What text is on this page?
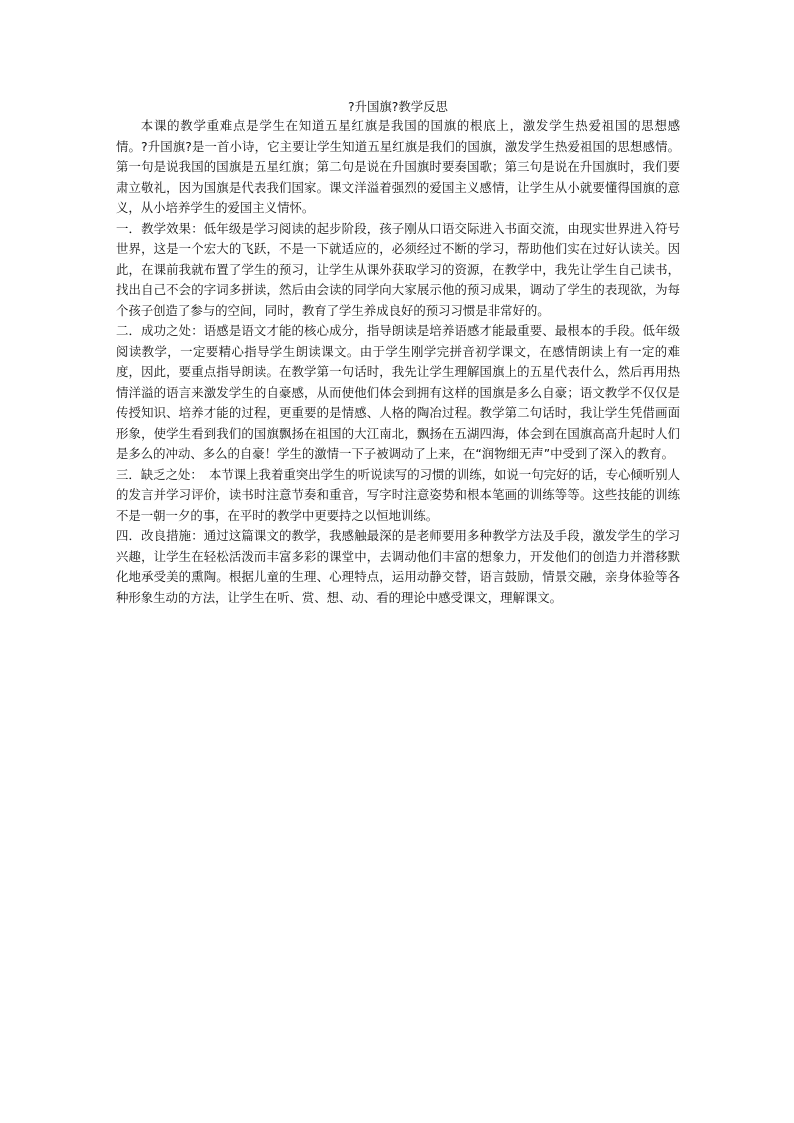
?升国旗?教学反思

本课的教学重难点是学生在知道五星红旗是我国的国旗的根底上，激发学生热爱祖国的思想感情。?升国旗?是一首小诗，它主要让学生知道五星红旗是我们的国旗，激发学生热爱祖国的思想感情。第一句是说我国的国旗是五星红旗；第二句是说在升国旗时要奏国歌；第三句是说在升国旗时，我们要肃立敬礼，因为国旗是代表我们国家。课文洋溢着强烈的爱国主义感情，让学生从小就要懂得国旗的意义，从小培养学生的爱国主义情怀。

一．教学效果：低年级是学习阅读的起步阶段，孩子刚从口语交际进入书面交流，由现实世界进入符号世界，这是一个宏大的飞跃，不是一下就适应的，必须经过不断的学习，帮助他们实在过好认读关。因此，在课前我就布置了学生的预习，让学生从课外获取学习的资源，在教学中，我先让学生自己读书，找出自己不会的字词多拼读，然后由会读的同学向大家展示他的预习成果，调动了学生的表现欲，为每个孩子创造了参与的空间，同时，教育了学生养成良好的预习习惯是非常好的。

二．成功之处：语感是语文才能的核心成分，指导朗读是培养语感才能最重要、最根本的手段。低年级阅读教学，一定要精心指导学生朗读课文。由于学生刚学完拼音初学课文，在感情朗读上有一定的难度，因此，要重点指导朗读。在教学第一句话时，我先让学生理解国旗上的五星代表什么，然后再用热情洋溢的语言来激发学生的自豪感，从而使他们体会到拥有这样的国旗是多么自豪；语文教学不仅仅是传授知识、培养才能的过程，更重要的是情感、人格的陶冶过程。教学第二句话时，我让学生凭借画面形象，使学生看到我们的国旗飘扬在祖国的大江南北，飘扬在五湖四海，体会到在国旗高高升起时人们是多么的冲动、多么的自豪！学生的激情一下子被调动了上来，在“润物细无声”中受到了深入的教育。

三．缺乏之处：　本节课上我着重突出学生的听说读写的习惯的训练，如说一句完好的话，专心倾听别人的发言并学习评价，读书时注意节奏和重音，写字时注意姿势和根本笔画的训练等等。这些技能的训练不是一朝一夕的事，在平时的教学中更要持之以恒地训练。

四．改良措施：通过这篇课文的教学，我感触最深的是老师要用多种教学方法及手段，激发学生的学习兴趣，让学生在轻松活泼而丰富多彩的课堂中，去调动他们丰富的想象力，开发他们的创造力并潜移默化地承受美的熏陶。根据儿童的生理、心理特点，运用动静交替，语言鼓励，情景交融，亲身体验等各种形象生动的方法，让学生在听、赏、想、动、看的理论中感受课文，理解课文。
